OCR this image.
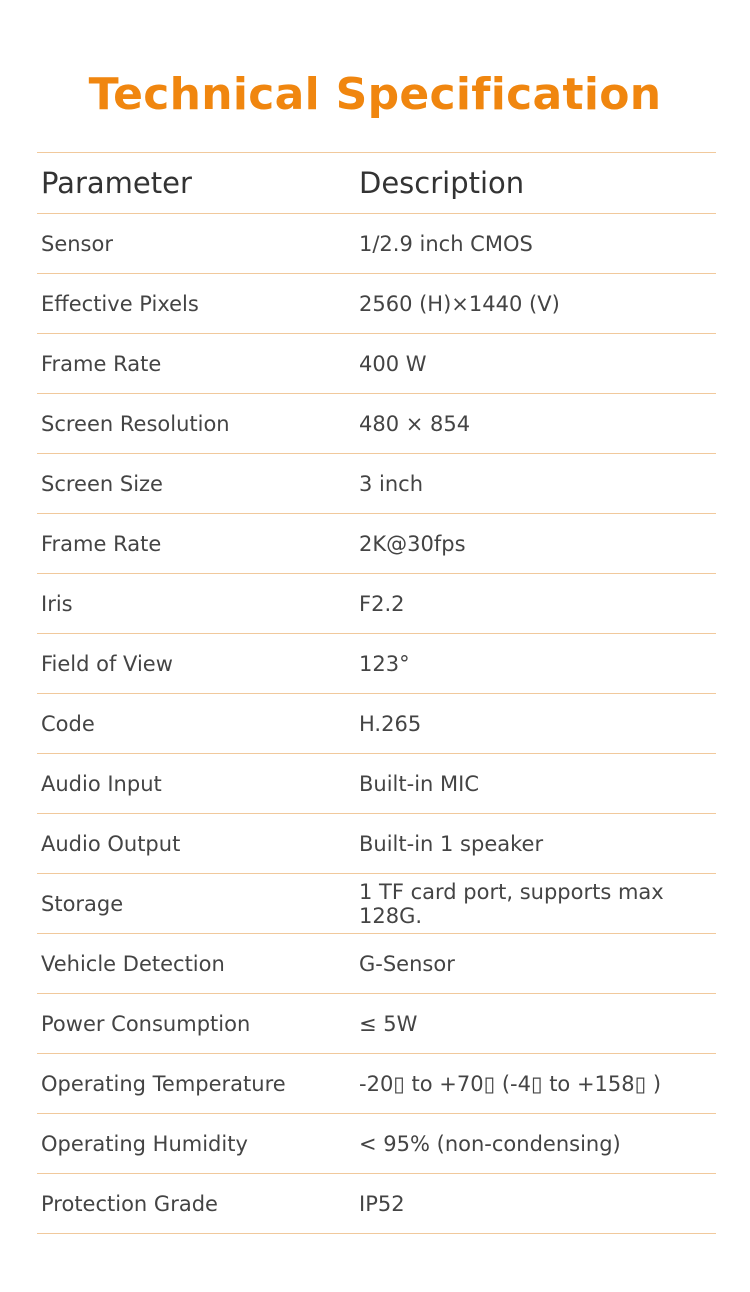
Technical Specification
Parameter	Description
Sensor	1/2.9 inch CMOS
Effective Pixels	2560 (H)×1440 (V)
Frame Rate	400 W
Screen Resolution	480 × 854
Screen Size	3 inch
Frame Rate	2K@30fps
Iris	F2.2
Field of View	123°
Code	H.265
Audio Input	Built-in MIC
Audio Output	Built-in 1 speaker
Storage	1 TF card port, supports max 128G.
Vehicle Detection	G-Sensor
Power Consumption	≤ 5W
Operating Temperature	-20▯ to +70▯ (-4▯ to +158▯ )
Operating Humidity	< 95% (non-condensing)
Protection Grade	IP52
